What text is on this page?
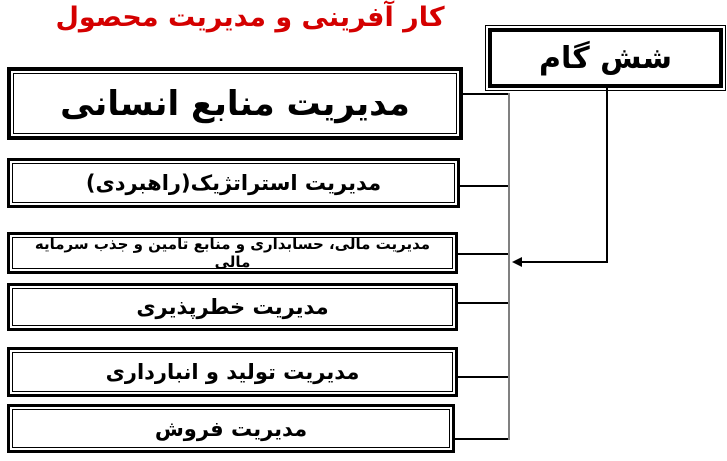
کار آفرینی و مدیریت محصول
شش گام
مدیریت منابع انسانی
مدیریت استراتژیک(راهبردی)
مدیریت مالی، حسابداری و منابع تامین و جذب سرمایه مالی
مدیریت خطرپذیری
مدیریت تولید و انبارداری
مدیریت فروش
